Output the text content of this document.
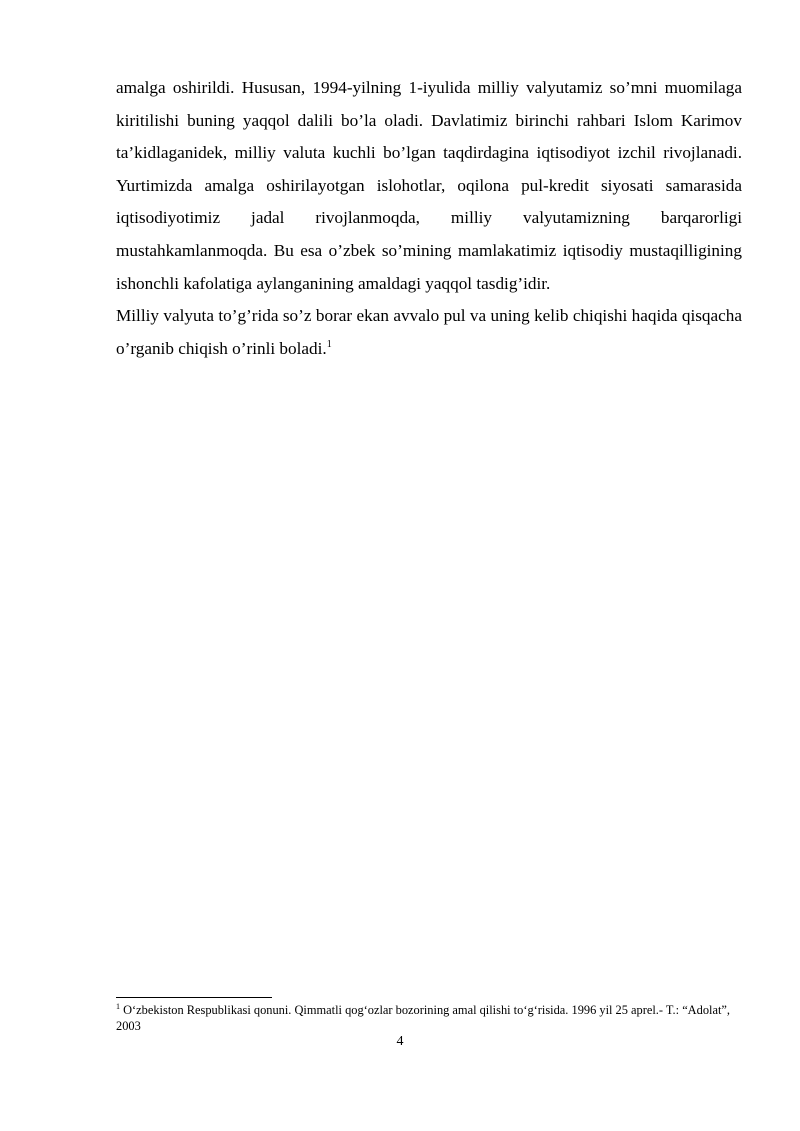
amalga oshirildi. Hususan, 1994-yilning 1-iyulida milliy valyutamiz so’mni muomilaga kiritilishi buning yaqqol dalili bo’la oladi. Davlatimiz birinchi rahbari Islom Karimov ta’kidlaganidek, milliy valuta kuchli bo’lgan taqdirdagina iqtisodiyot izchil rivojlanadi. Yurtimizda amalga oshirilayotgan islohotlar, oqilona pul-kredit siyosati samarasida iqtisodiyotimiz jadal rivojlanmoqda, milliy valyutamizning barqarorligi mustahkamlanmoqda. Bu esa o’zbek so’mining mamlakatimiz iqtisodiy mustaqilligining ishonchli kafolatiga aylanganining amaldagi yaqqol tasdig’idir.

Milliy valyuta to’g’rida so’z borar ekan avvalo pul va uning kelib chiqishi haqida qisqacha o’rganib chiqish o’rinli boladi.$^1$

$^1$ O‘zbekiston Respublikasi qonuni. Qimmatli qog‘ozlar bozorining amal qilishi to‘g‘risida. 1996 yil 25 aprel.- T.: “Adolat”, 2003
4
